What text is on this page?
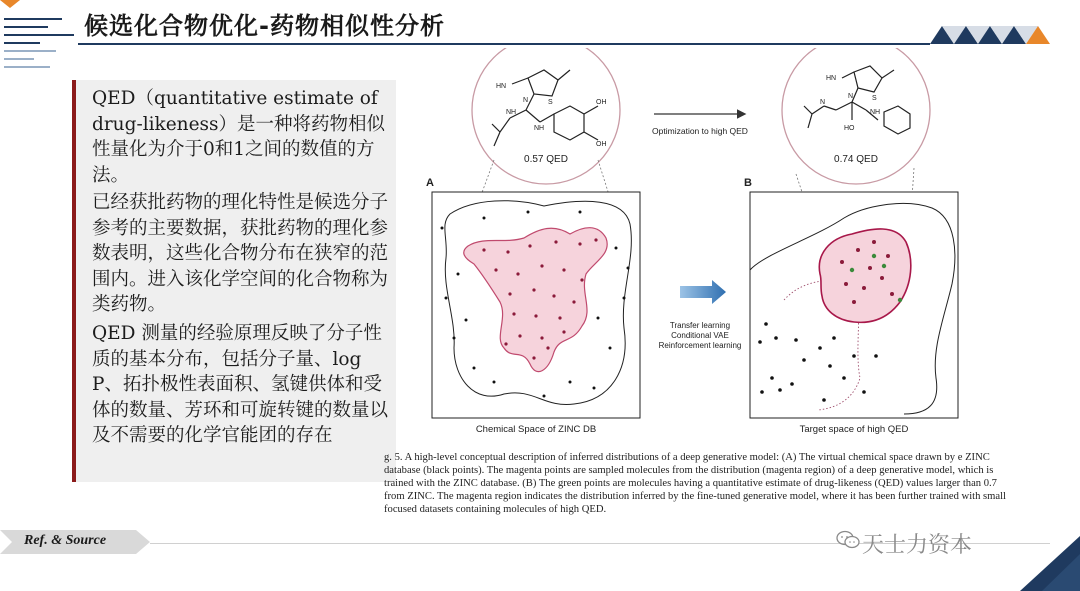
候选化合物优化-药物相似性分析
QED（quantitative estimate of drug-likeness）是一种将药物相似性量化为介于0和1之间的数值的方法。
已经获批药物的理化特性是候选分子参考的主要数据，获批药物的理化参数表明，这些化合物分布在狭窄的范围内。进入该化学空间的化合物称为类药物。
QED 测量的经验原理反映了分子性质的基本分布，包括分子量、logP、拓扑极性表面积、氢键供体和受体的数量、芳环和可旋转键的数量以及不需要的化学官能团的存在
HN
S
N
NH
NH
OH
OH
0.57 QED
Optimization to high QED
HN
S
N
N
HO
NH
0.74 QED
A
Chemical Space of ZINC DB
Transfer learning
Conditional VAE
Reinforcement learning
B
Target space of high QED
g. 5. A high-level conceptual description of inferred distributions of a deep generative model: (A) The virtual chemical space drawn by e ZINC database (black points). The magenta points are sampled molecules from the distribution (magenta region) of a deep generative model, which is trained with the ZINC database. (B) The green points are molecules having a quantitative estimate of drug-likeness (QED) values larger than 0.7 from ZINC. The magenta region indicates the distribution inferred by the fine-tuned generative model, where it has been further trained with small focused datasets containing molecules of high QED.
Ref. & Source	天士力资本
